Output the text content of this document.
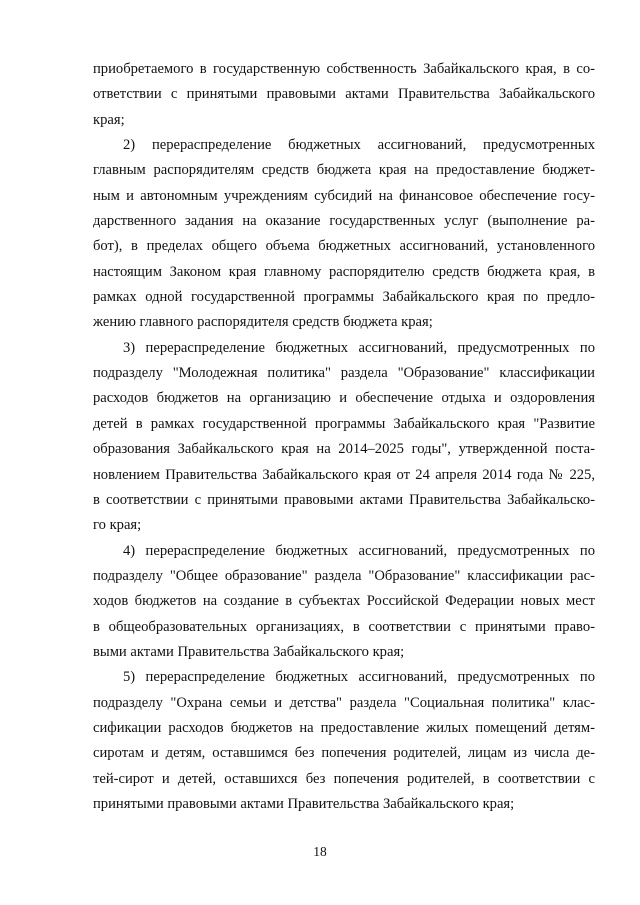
приобретаемого в государственную собственность Забайкальского края, в со-
ответствии с принятыми правовыми актами Правительства Забайкальского
края;
2) перераспределение бюджетных ассигнований, предусмотренных
главным распорядителям средств бюджета края на предоставление бюджет-
ным и автономным учреждениям субсидий на финансовое обеспечение госу-
дарственного задания на оказание государственных услуг (выполнение ра-
бот), в пределах общего объема бюджетных ассигнований, установленного
настоящим Законом края главному распорядителю средств бюджета края, в
рамках одной государственной программы Забайкальского края по предло-
жению главного распорядителя средств бюджета края;
3) перераспределение бюджетных ассигнований, предусмотренных по
подразделу "Молодежная политика" раздела "Образование" классификации
расходов бюджетов на организацию и обеспечение отдыха и оздоровления
детей в рамках государственной программы Забайкальского края "Развитие
образования Забайкальского края на 2014–2025 годы", утвержденной поста-
новлением Правительства Забайкальского края от 24 апреля 2014 года № 225,
в соответствии с принятыми правовыми актами Правительства Забайкальско-
го края;
4) перераспределение бюджетных ассигнований, предусмотренных по
подразделу "Общее образование" раздела "Образование" классификации рас-
ходов бюджетов на создание в субъектах Российской Федерации новых мест
в общеобразовательных организациях, в соответствии с принятыми право-
выми актами Правительства Забайкальского края;
5) перераспределение бюджетных ассигнований, предусмотренных по
подразделу "Охрана семьи и детства" раздела "Социальная политика" клас-
сификации расходов бюджетов на предоставление жилых помещений детям-
сиротам и детям, оставшимся без попечения родителей, лицам из числа де-
тей-сирот и детей, оставшихся без попечения родителей, в соответствии с
принятыми правовыми актами Правительства Забайкальского края;
18
